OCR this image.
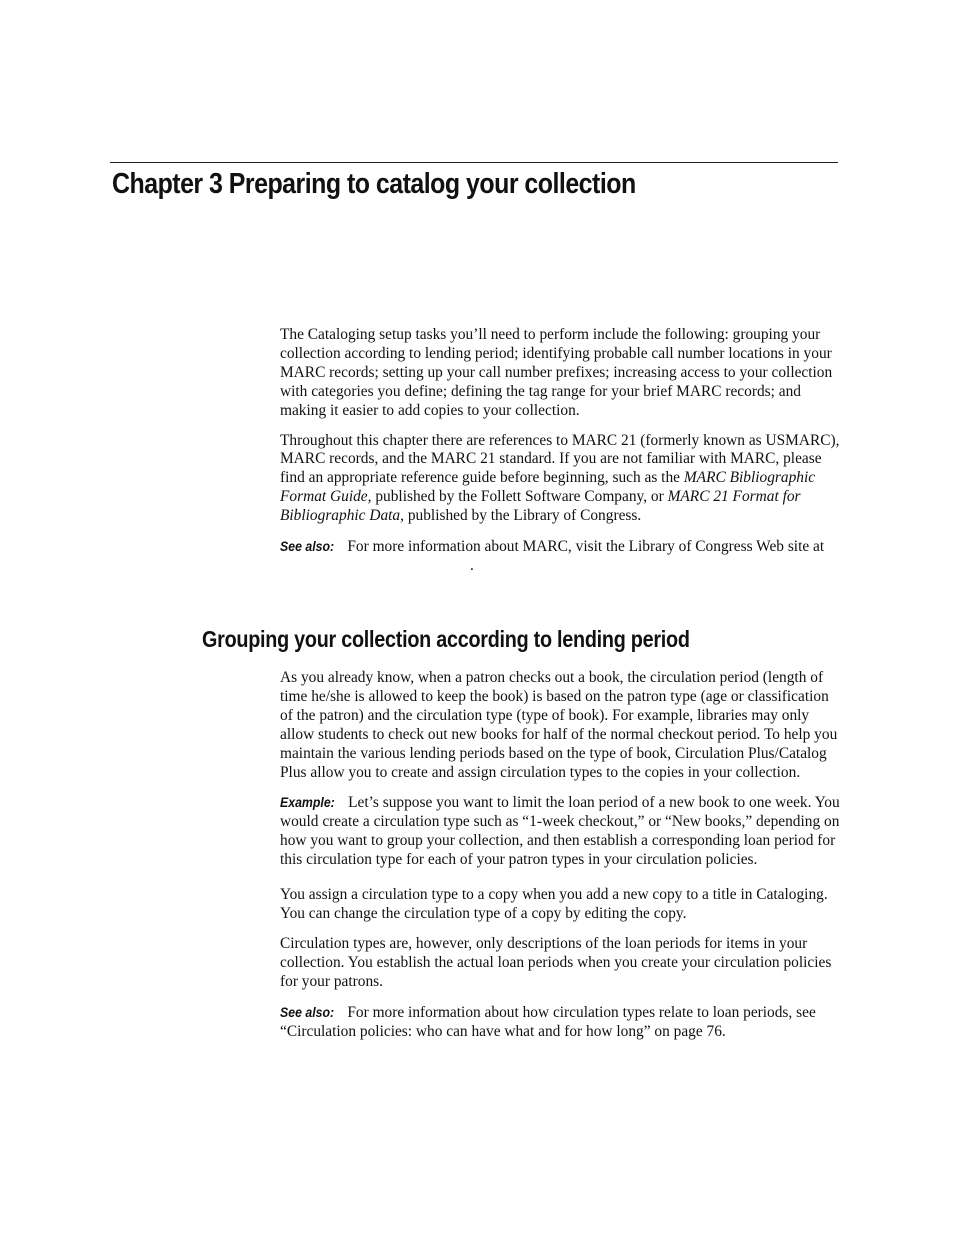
Chapter 3 Preparing to catalog your collection

The Cataloging setup tasks you’ll need to perform include the following: grouping your collection according to lending period; identifying probable call number locations in your MARC records; setting up your call number prefixes; increasing access to your collection with categories you define; defining the tag range for your brief MARC records; and making it easier to add copies to your collection.

Throughout this chapter there are references to MARC 21 (formerly known as USMARC), MARC records, and the MARC 21 standard. If you are not familiar with MARC, please find an appropriate reference guide before beginning, such as the MARC Bibliographic Format Guide, published by the Follett Software Company, or MARC 21 Format for Bibliographic Data, published by the Library of Congress.

See also: For more information about MARC, visit the Library of Congress Web site at.

Grouping your collection according to lending period

As you already know, when a patron checks out a book, the circulation period (length of time he/she is allowed to keep the book) is based on the patron type (age or classification of the patron) and the circulation type (type of book). For example, libraries may only allow students to check out new books for half of the normal checkout period. To help you maintain the various lending periods based on the type of book, Circulation Plus/Catalog Plus allow you to create and assign circulation types to the copies in your collection.

Example: Let’s suppose you want to limit the loan period of a new book to one week. You would create a circulation type such as “1-week checkout,” or “New books,” depending on how you want to group your collection, and then establish a corresponding loan period for this circulation type for each of your patron types in your circulation policies.

You assign a circulation type to a copy when you add a new copy to a title in Cataloging. You can change the circulation type of a copy by editing the copy.

Circulation types are, however, only descriptions of the loan periods for items in your collection. You establish the actual loan periods when you create your circulation policies for your patrons.

See also: For more information about how circulation types relate to loan periods, see “Circulation policies: who can have what and for how long” on page 76.
